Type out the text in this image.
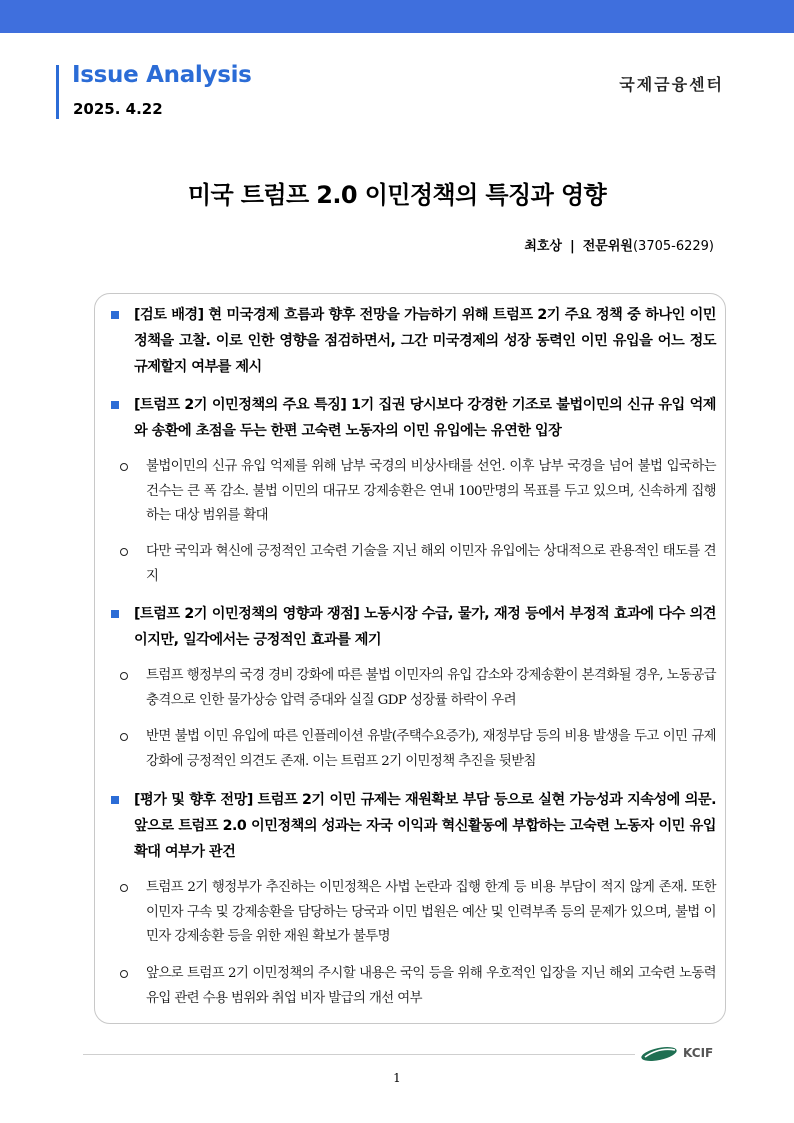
Issue Analysis
2025. 4.22
국제금융센터
미국 트럼프 2.0 이민정책의 특징과 영향
최호상 | 전문위원(3705-6229)
[검토 배경] 현 미국경제 흐름과 향후 전망을 가늠하기 위해 트럼프 2기 주요 정책 중 하나인 이민정책을 고찰. 이로 인한 영향을 점검하면서, 그간 미국경제의 성장 동력인 이민 유입을 어느 정도 규제할지 여부를 제시
[트럼프 2기 이민정책의 주요 특징] 1기 집권 당시보다 강경한 기조로 불법이민의 신규 유입 억제와 송환에 초점을 두는 한편 고숙련 노동자의 이민 유입에는 유연한 입장
불법이민의 신규 유입 억제를 위해 남부 국경의 비상사태를 선언. 이후 남부 국경을 넘어 불법 입국하는 건수는 큰 폭 감소. 불법 이민의 대규모 강제송환은 연내 100만명의 목표를 두고 있으며, 신속하게 집행하는 대상 범위를 확대
다만 국익과 혁신에 긍정적인 고숙련 기술을 지닌 해외 이민자 유입에는 상대적으로 관용적인 태도를 견지
[트럼프 2기 이민정책의 영향과 쟁점] 노동시장 수급, 물가, 재정 등에서 부정적 효과에 다수 의견이지만, 일각에서는 긍정적인 효과를 제기
트럼프 행정부의 국경 경비 강화에 따른 불법 이민자의 유입 감소와 강제송환이 본격화될 경우, 노동공급 충격으로 인한 물가상승 압력 증대와 실질 GDP 성장률 하락이 우려
반면 불법 이민 유입에 따른 인플레이션 유발(주택수요증가), 재정부담 등의 비용 발생을 두고 이민 규제 강화에 긍정적인 의견도 존재. 이는 트럼프 2기 이민정책 추진을 뒷받침
[평가 및 향후 전망] 트럼프 2기 이민 규제는 재원확보 부담 등으로 실현 가능성과 지속성에 의문. 앞으로 트럼프 2.0 이민정책의 성과는 자국 이익과 혁신활동에 부합하는 고숙련 노동자 이민 유입 확대 여부가 관건
트럼프 2기 행정부가 추진하는 이민정책은 사법 논란과 집행 한계 등 비용 부담이 적지 않게 존재. 또한 이민자 구속 및 강제송환을 담당하는 당국과 이민 법원은 예산 및 인력부족 등의 문제가 있으며, 불법 이민자 강제송환 등을 위한 재원 확보가 불투명
앞으로 트럼프 2기 이민정책의 주시할 내용은 국익 등을 위해 우호적인 입장을 지닌 해외 고숙련 노동력 유입 관련 수용 범위와 취업 비자 발급의 개선 여부
KCIF
1
